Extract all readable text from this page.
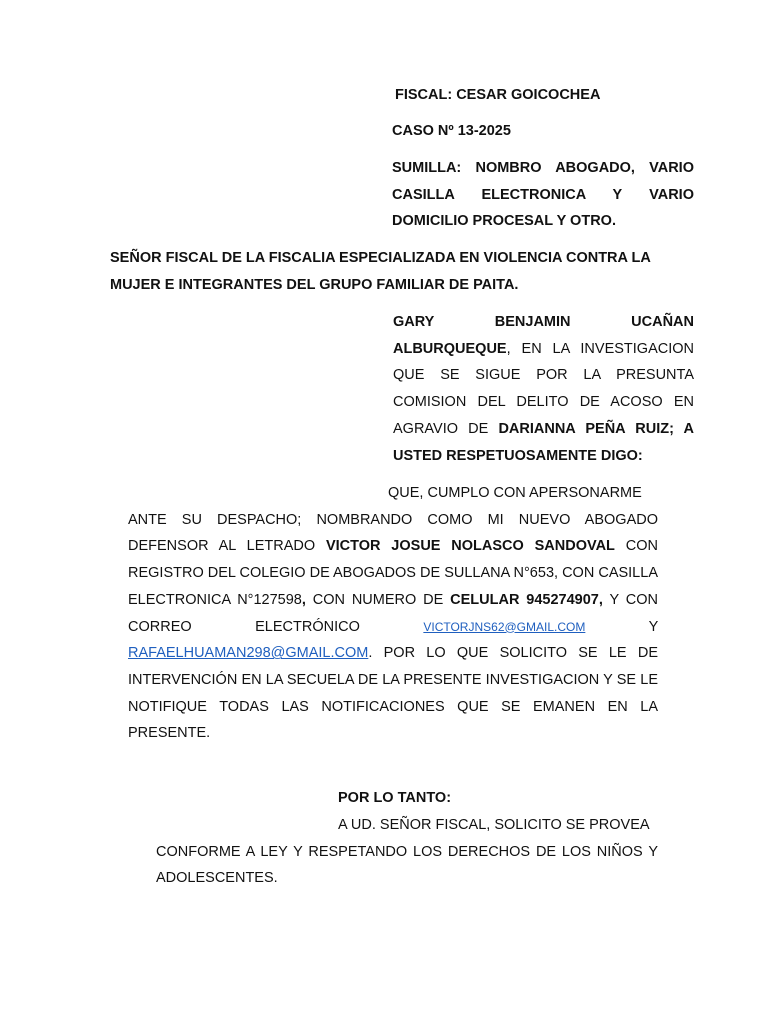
FISCAL: CESAR GOICOCHEA

CASO Nº 13-2025

SUMILLA: NOMBRO ABOGADO, VARIO CASILLA ELECTRONICA Y VARIO DOMICILIO PROCESAL Y OTRO.

SEÑOR FISCAL DE LA FISCALIA ESPECIALIZADA EN VIOLENCIA CONTRA LA MUJER E INTEGRANTES DEL GRUPO FAMILIAR DE PAITA.

GARY BENJAMIN UCAÑAN ALBURQUEQUE, EN LA INVESTIGACION QUE SE SIGUE POR LA PRESUNTA COMISION DEL DELITO DE ACOSO EN AGRAVIO DE DARIANNA PEÑA RUIZ; A USTED RESPETUOSAMENTE DIGO:

QUE, CUMPLO CON APERSONARME

ANTE SU DESPACHO; NOMBRANDO COMO MI NUEVO ABOGADO DEFENSOR AL LETRADO VICTOR JOSUE NOLASCO SANDOVAL CON REGISTRO DEL COLEGIO DE ABOGADOS DE SULLANA N°653, CON CASILLA ELECTRONICA N°127598, CON NUMERO DE CELULAR 945274907, Y CON CORREO ELECTRÓNICO VICTORJNS62@GMAIL.COM Y RAFAELHUAMAN298@GMAIL.COM. POR LO QUE SOLICITO SE LE DE INTERVENCIÓN EN LA SECUELA DE LA PRESENTE INVESTIGACION Y SE LE NOTIFIQUE TODAS LAS NOTIFICACIONES QUE SE EMANEN EN LA PRESENTE.

POR LO TANTO:

A UD. SEÑOR FISCAL, SOLICITO SE PROVEA

CONFORME A LEY Y RESPETANDO LOS DERECHOS DE LOS NIÑOS Y ADOLESCENTES.
